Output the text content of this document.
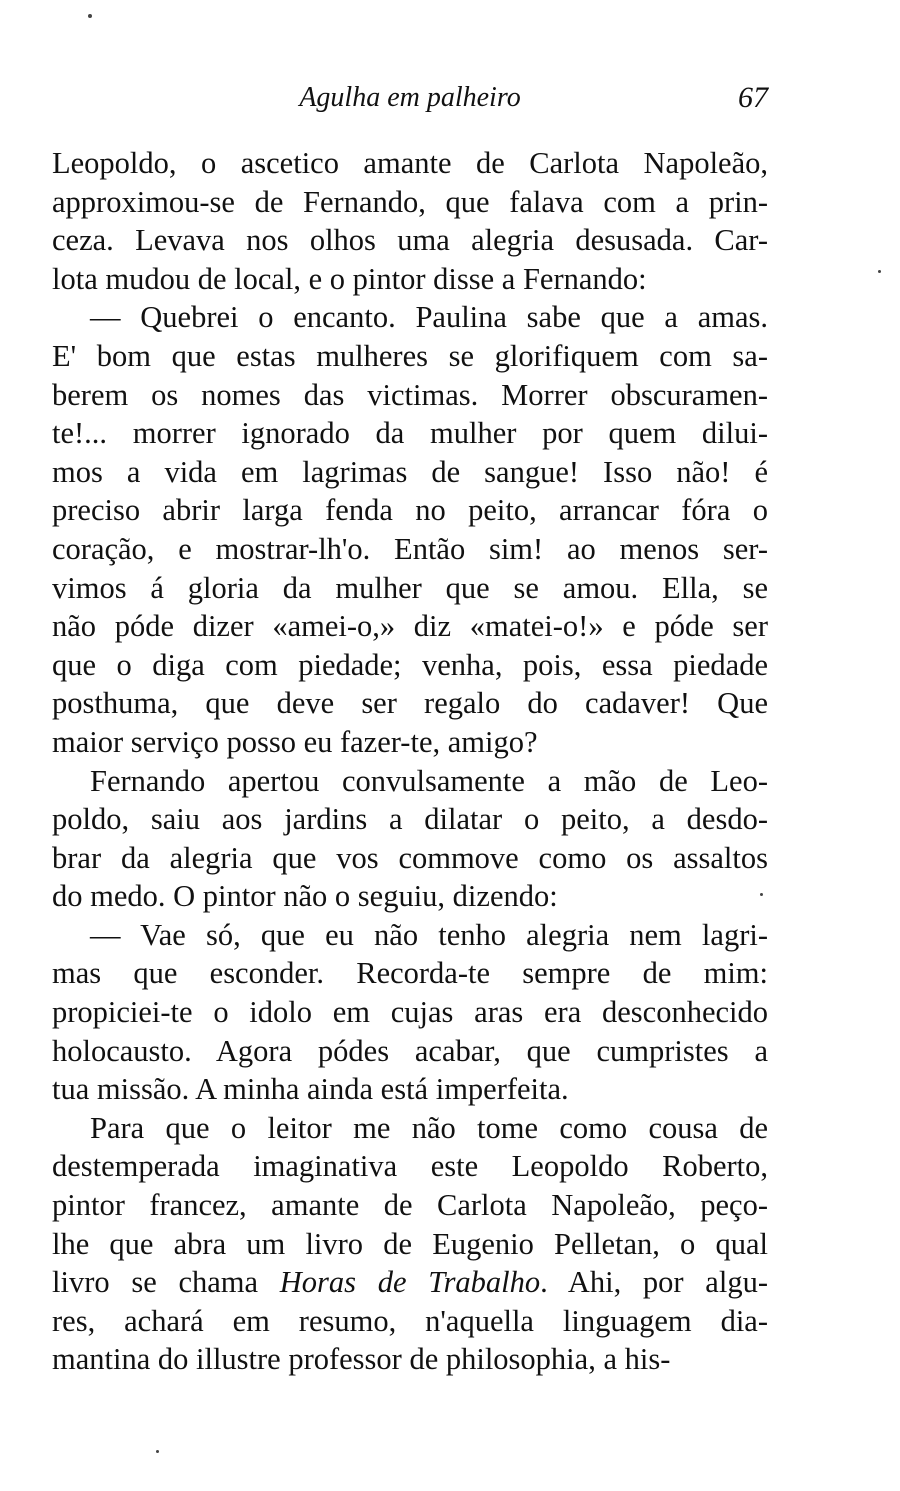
Agulha em palheiro	67
Leopoldo, o ascetico amante de Carlota Napoleão,
approximou-se de Fernando, que falava com a prin-
ceza. Levava nos olhos uma alegria desusada. Car-
lota mudou de local, e o pintor disse a Fernando:
— Quebrei o encanto. Paulina sabe que a amas.
E' bom que estas mulheres se glorifiquem com sa-
berem os nomes das victimas. Morrer obscuramen-
te!... morrer ignorado da mulher por quem dilui-
mos a vida em lagrimas de sangue! Isso não! é
preciso abrir larga fenda no peito, arrancar fóra o
coração, e mostrar-lh'o. Então sim! ao menos ser-
vimos á gloria da mulher que se amou. Ella, se
não póde dizer «amei-o,» diz «matei-o!» e póde ser
que o diga com piedade; venha, pois, essa piedade
posthuma, que deve ser regalo do cadaver! Que
maior serviço posso eu fazer-te, amigo?
Fernando apertou convulsamente a mão de Leo-
poldo, saiu aos jardins a dilatar o peito, a desdo-
brar da alegria que vos commove como os assaltos
do medo. O pintor não o seguiu, dizendo:
— Vae só, que eu não tenho alegria nem lagri-
mas que esconder. Recorda-te sempre de mim:
propiciei-te o idolo em cujas aras era desconhecido
holocausto. Agora pódes acabar, que cumpristes a
tua missão. A minha ainda está imperfeita.
Para que o leitor me não tome como cousa de
destemperada imaginativa este Leopoldo Roberto,
pintor francez, amante de Carlota Napoleão, peço-
lhe que abra um livro de Eugenio Pelletan, o qual
livro se chama Horas de Trabalho. Ahi, por algu-
res, achará em resumo, n'aquella linguagem dia-
mantina do illustre professor de philosophia, a his-
